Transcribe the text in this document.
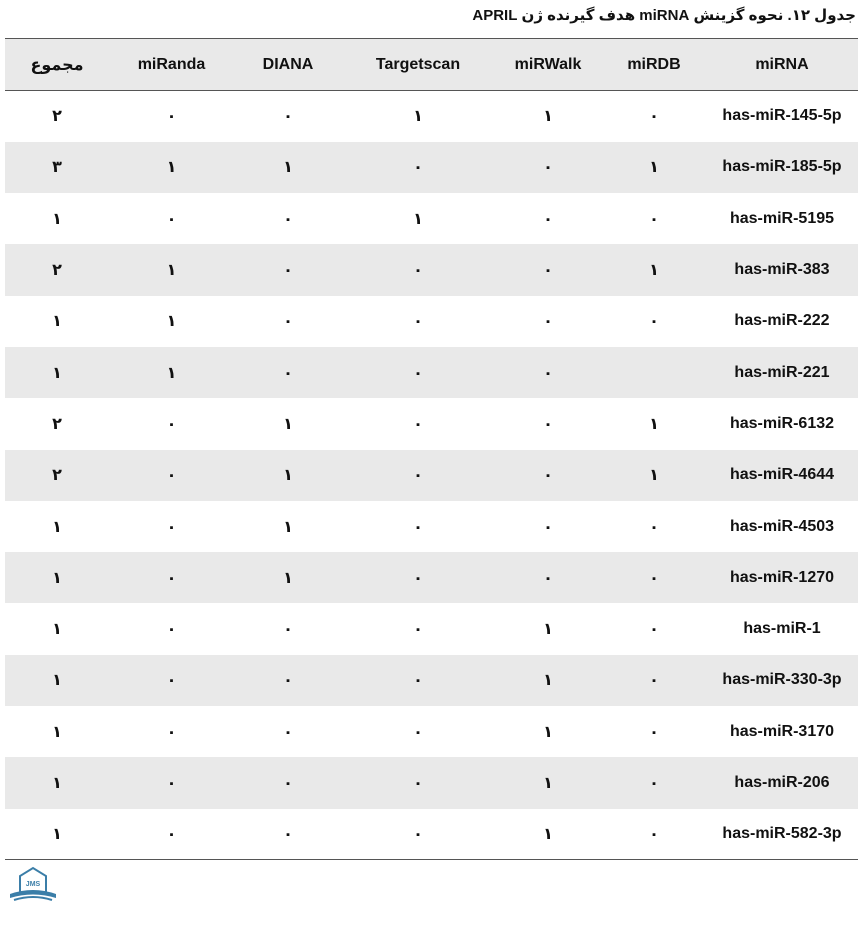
جدول ۱۲. نحوه گزینش miRNA هدف گیرنده ژن APRIL
مجموع	miRanda	DIANA	Targetscan	miRWalk	miRDB	miRNA
۲	۰	۰	۱	۱	۰	has-miR-145-5p
۳	۱	۱	۰	۰	۱	has-miR-185-5p
۱	۰	۰	۱	۰	۰	has-miR-5195
۲	۱	۰	۰	۰	۱	has-miR-383
۱	۱	۰	۰	۰	۰	has-miR-222
۱	۱	۰	۰	۰		has-miR-221
۲	۰	۱	۰	۰	۱	has-miR-6132
۲	۰	۱	۰	۰	۱	has-miR-4644
۱	۰	۱	۰	۰	۰	has-miR-4503
۱	۰	۱	۰	۰	۰	has-miR-1270
۱	۰	۰	۰	۱	۰	has-miR-1
۱	۰	۰	۰	۱	۰	has-miR-330-3p
۱	۰	۰	۰	۱	۰	has-miR-3170
۱	۰	۰	۰	۱	۰	has-miR-206
۱	۰	۰	۰	۱	۰	has-miR-582-3p
JMS
